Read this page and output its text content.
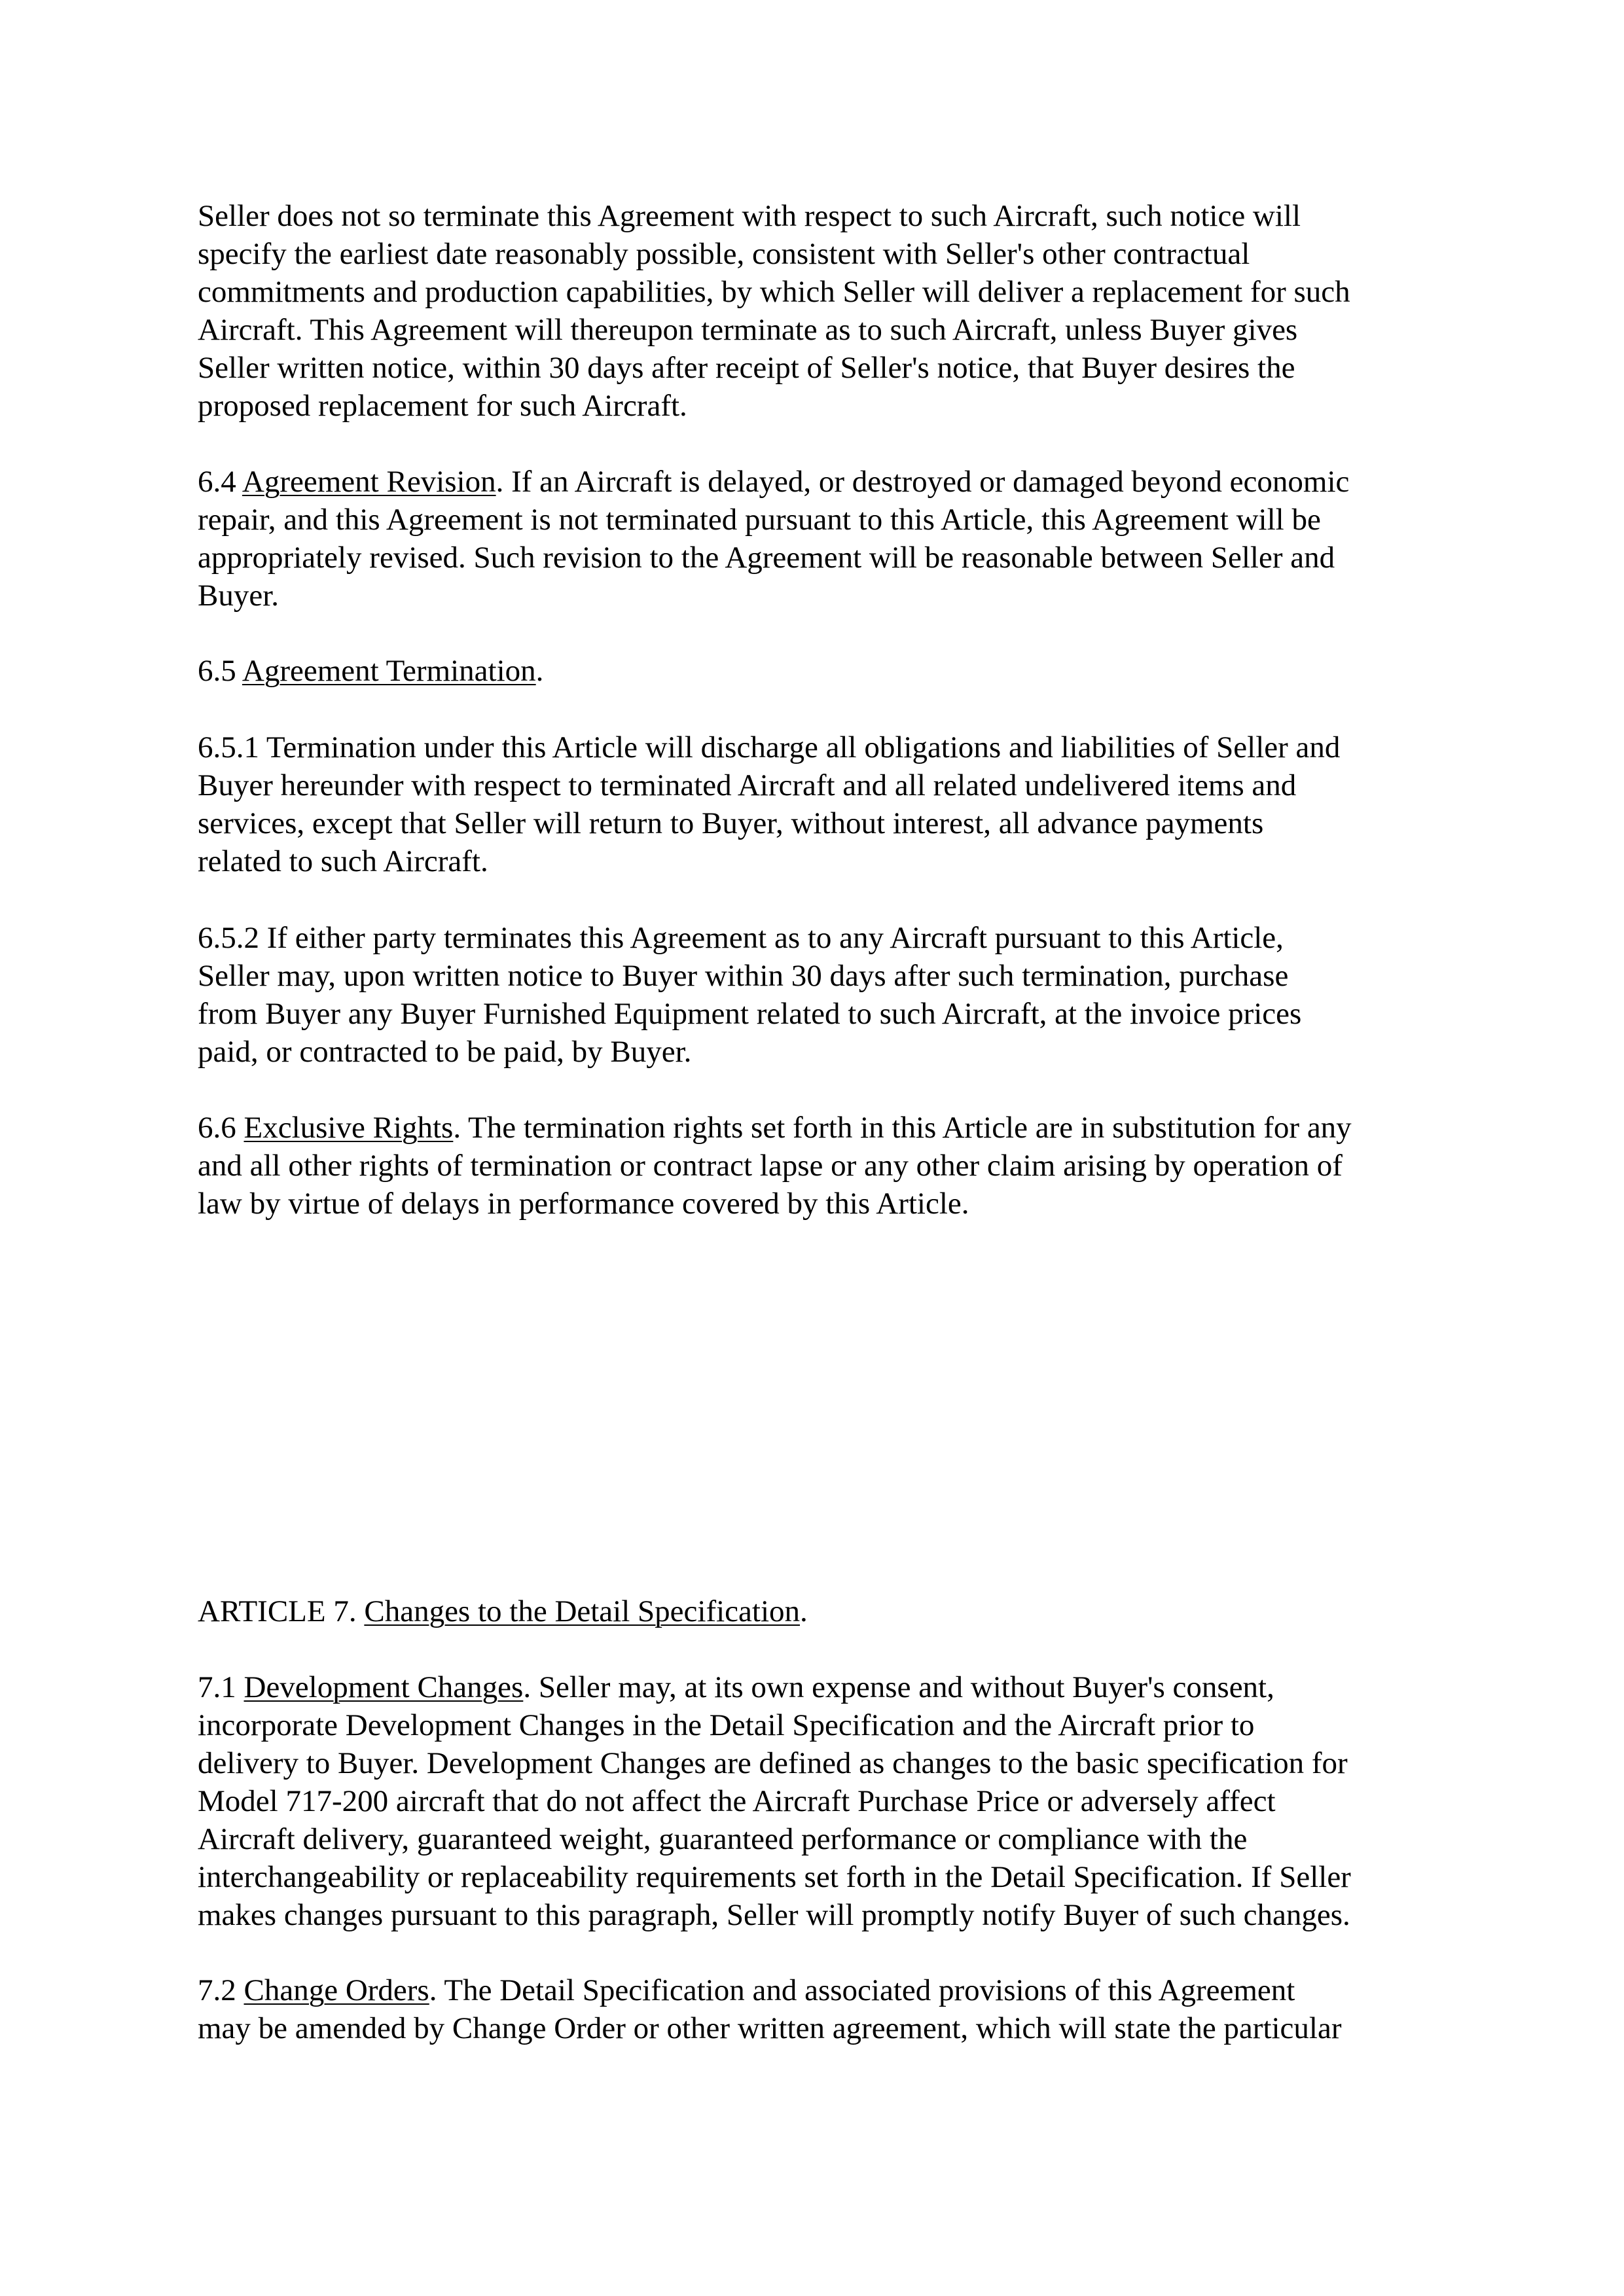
Seller does not so terminate this Agreement with respect to such Aircraft, such notice will
specify the earliest date reasonably possible, consistent with Seller's other contractual
commitments and production capabilities, by which Seller will deliver a replacement for such
Aircraft. This Agreement will thereupon terminate as to such Aircraft, unless Buyer gives
Seller written notice, within 30 days after receipt of Seller's notice, that Buyer desires the
proposed replacement for such Aircraft.

6.4 Agreement Revision. If an Aircraft is delayed, or destroyed or damaged beyond economic
repair, and this Agreement is not terminated pursuant to this Article, this Agreement will be
appropriately revised. Such revision to the Agreement will be reasonable between Seller and
Buyer.

6.5 Agreement Termination.

6.5.1 Termination under this Article will discharge all obligations and liabilities of Seller and
Buyer hereunder with respect to terminated Aircraft and all related undelivered items and
services, except that Seller will return to Buyer, without interest, all advance payments
related to such Aircraft.

6.5.2 If either party terminates this Agreement as to any Aircraft pursuant to this Article,
Seller may, upon written notice to Buyer within 30 days after such termination, purchase
from Buyer any Buyer Furnished Equipment related to such Aircraft, at the invoice prices
paid, or contracted to be paid, by Buyer.

6.6 Exclusive Rights. The termination rights set forth in this Article are in substitution for any
and all other rights of termination or contract lapse or any other claim arising by operation of
law by virtue of delays in performance covered by this Article.

ARTICLE 7. Changes to the Detail Specification.

7.1 Development Changes. Seller may, at its own expense and without Buyer's consent,
incorporate Development Changes in the Detail Specification and the Aircraft prior to
delivery to Buyer. Development Changes are defined as changes to the basic specification for
Model 717-200 aircraft that do not affect the Aircraft Purchase Price or adversely affect
Aircraft delivery, guaranteed weight, guaranteed performance or compliance with the
interchangeability or replaceability requirements set forth in the Detail Specification. If Seller
makes changes pursuant to this paragraph, Seller will promptly notify Buyer of such changes.

7.2 Change Orders. The Detail Specification and associated provisions of this Agreement
may be amended by Change Order or other written agreement, which will state the particular
